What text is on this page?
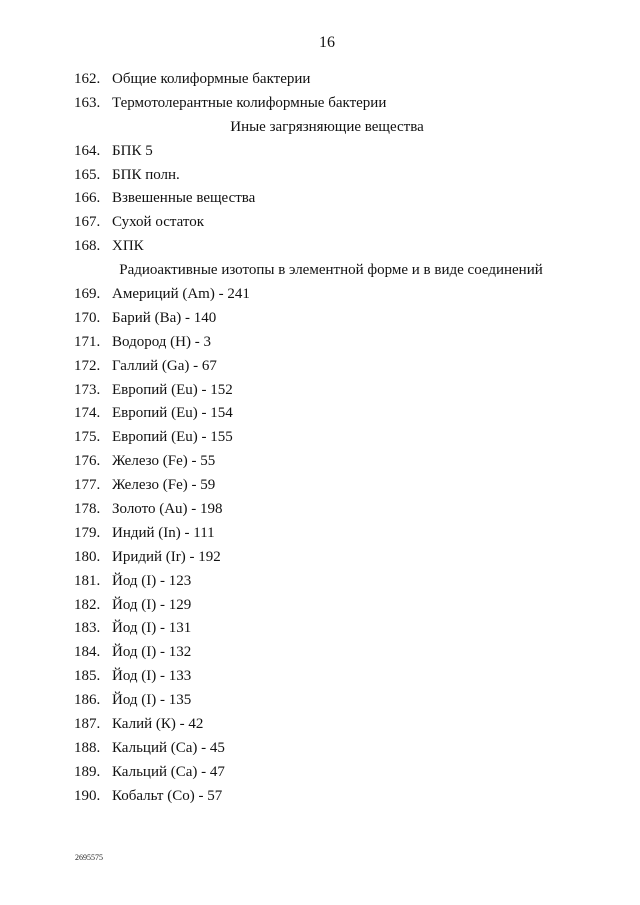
16
162. Общие колиформные бактерии
163. Термотолерантные колиформные бактерии
Иные загрязняющие вещества
164. БПК 5
165. БПК полн.
166. Взвешенные вещества
167. Сухой остаток
168. ХПК
Радиоактивные изотопы в элементной форме и в виде соединений
169. Америций (Am) - 241
170. Барий (Ва) - 140
171. Водород (Н) - 3
172. Галлий (Ga) - 67
173. Европий (Eu) - 152
174. Европий (Eu) - 154
175. Европий (Eu) - 155
176. Железо (Fe) - 55
177. Железо (Fe) - 59
178. Золото (Au) - 198
179. Индий (In) - 111
180. Иридий (Ir) - 192
181. Йод (I) - 123
182. Йод (I) - 129
183. Йод (I) - 131
184. Йод (I) - 132
185. Йод (I) - 133
186. Йод (I) - 135
187. Калий (К) - 42
188. Кальций (Са) - 45
189. Кальций (Са) - 47
190. Кобальт (Со) - 57
2695575
